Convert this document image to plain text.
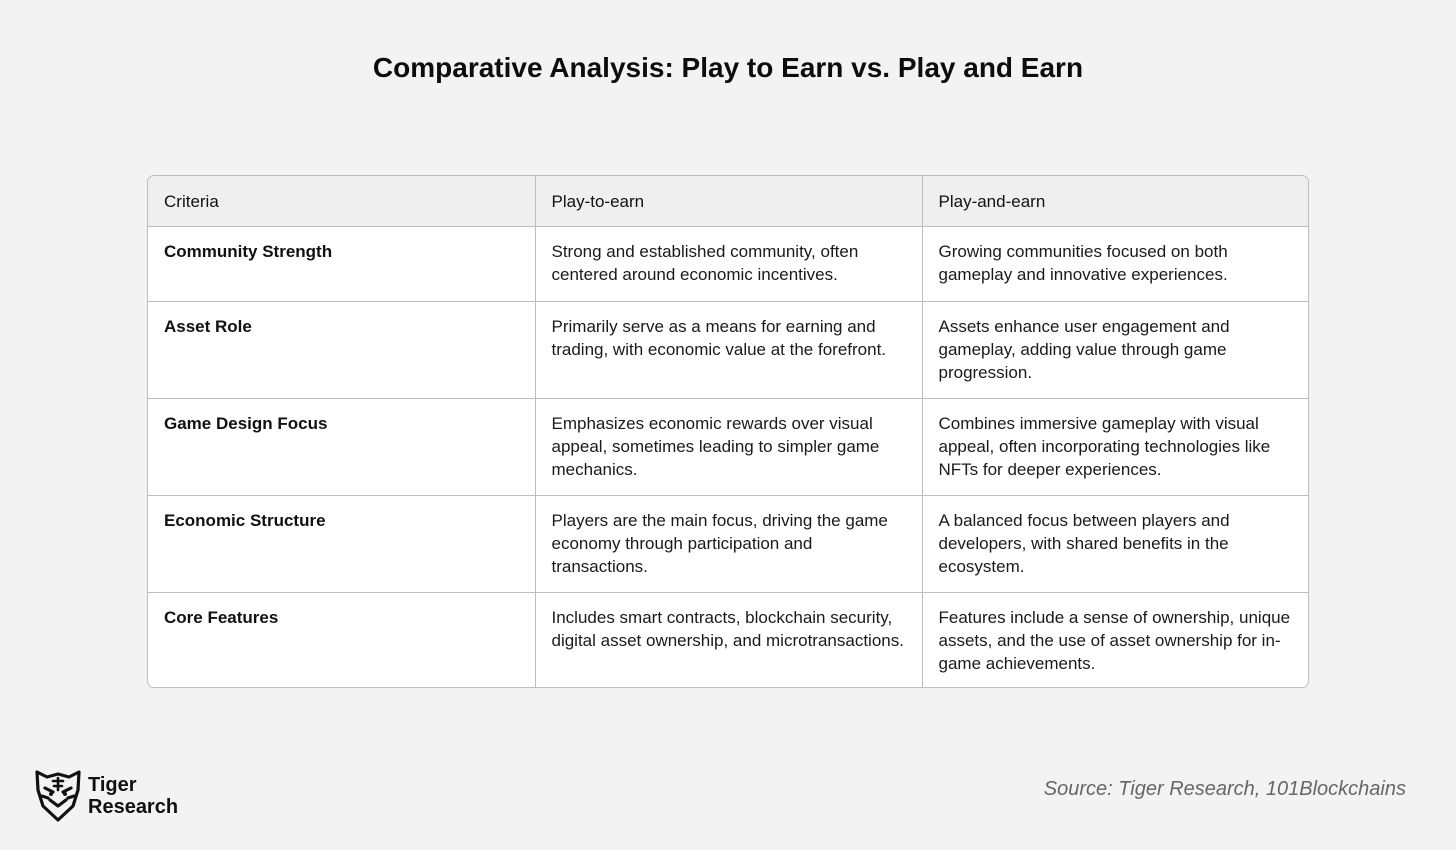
Comparative Analysis: Play to Earn vs. Play and Earn
Criteria	Play-to-earn	Play-and-earn
Community Strength	Strong and established community, often centered around economic incentives.	Growing communities focused on both gameplay and innovative experiences.
Asset Role	Primarily serve as a means for earning and trading, with economic value at the forefront.	Assets enhance user engagement and gameplay, adding value through game progression.
Game Design Focus	Emphasizes economic rewards over visual appeal, sometimes leading to simpler game mechanics.	Combines immersive gameplay with visual appeal, often incorporating technologies like NFTs for deeper experiences.
Economic Structure	Players are the main focus, driving the game economy through participation and transactions.	A balanced focus between players and developers, with shared benefits in the ecosystem.
Core Features	Includes smart contracts, blockchain security, digital asset ownership, and microtransactions.	Features include a sense of ownership, unique assets, and the use of asset ownership for in-game achievements.
Tiger
Research
Source: Tiger Research, 101Blockchains
